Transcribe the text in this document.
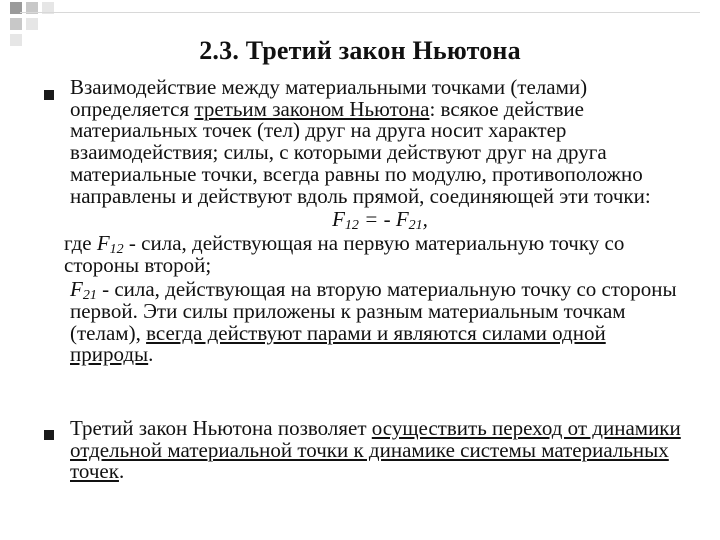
2.3. Третий закон Ньютона
Взаимодействие между материальными точками (телами) определяется третьим законом Ньютона: всякое действие материальных точек (тел) друг на друга носит характер взаимодействия; силы, с которыми действуют друг на друга материальные точки, всегда равны по модулю, противоположно направлены и действуют вдоль прямой, соединяющей эти точки:
$F_{12}$ = - $F_{21}$,
где $F_{12}$ - сила, действующая на первую материальную точку со стороны второй;
$F_{21}$ - сила, действующая на вторую материальную точку со стороны первой. Эти силы приложены к разным материальным точкам (телам), всегда действуют парами и являются силами одной природы.
Третий закон Ньютона позволяет осуществить переход от динамики отдельной материальной точки к динамике системы материальных точек.
